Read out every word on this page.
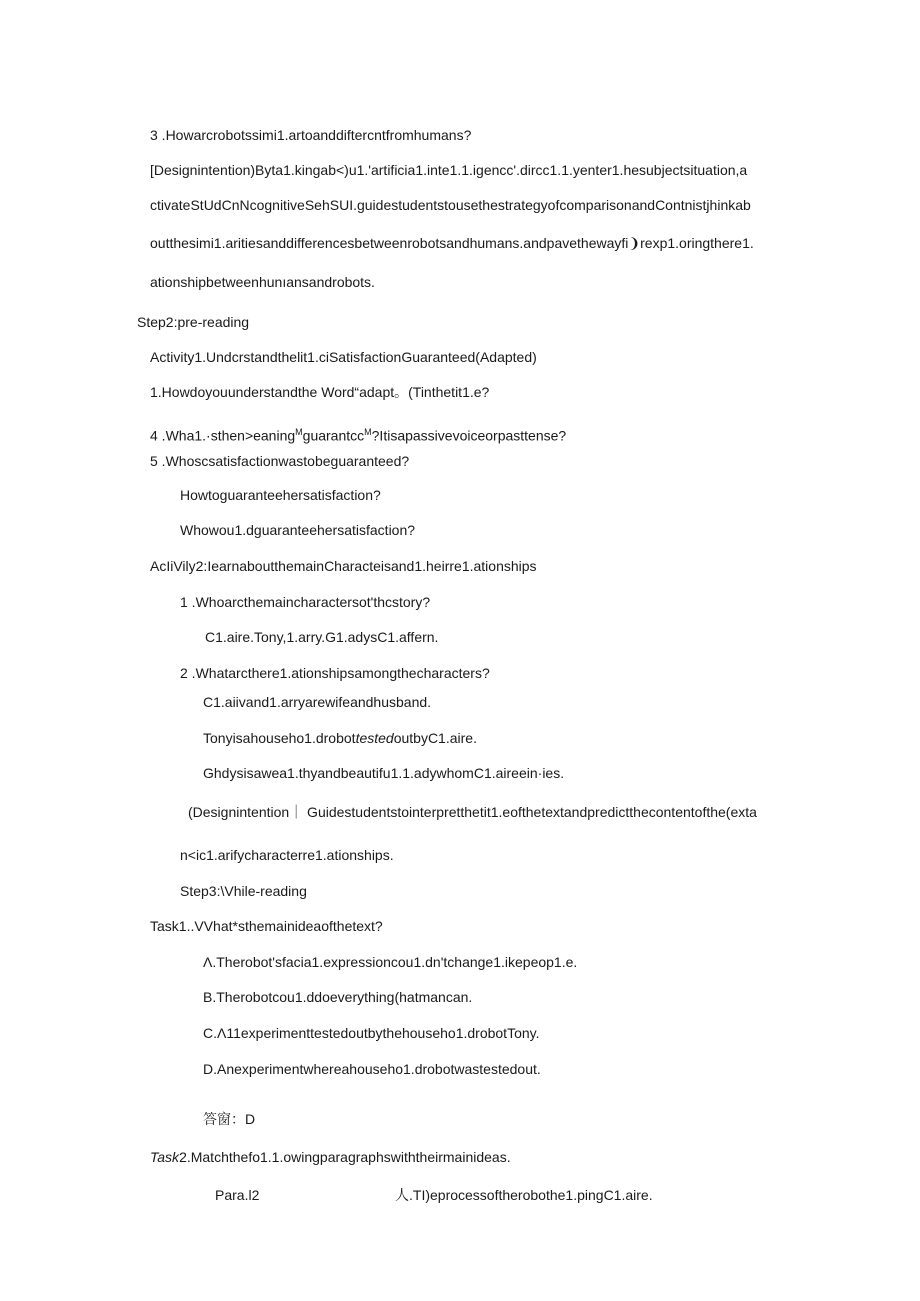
3 .Howarcrobotssimi1.artoanddiftercntfromhumans?
[Designintention)Byta1.kingab<)u1.'artificia1.inte1.1.igencc'.dircc1.1.yenter1.hesubjectsituation,a
ctivateStUdCnNcognitiveSehSUI.guidestudentstousethestrategyofcomparisonandContnistjhinkab
outthesimi1.aritiesanddifferencesbetweenrobotsandhumans.andpavethewayfi❩rexp1.oringthere1.
ationshipbetweenhunıansandrobots.
Step2:pre-reading
Activity1.Undcrstandthelit1.ciSatisfactionGuaranteed(Adapted)
1.Howdoyouunderstandthe Word“adapt。(Tinthetit1.e?
4 .Wha1.·sthen>eaning$^M$guarantcc$^M$?Itisapassivevoiceorpasttense?
5 .Whoscsatisfactionwastobeguaranteed?
Howtoguaranteehersatisfaction?
Whowou1.dguaranteehersatisfaction?
AcIiVily2:IearnaboutthemainCharacteisand1.heirre1.ationships
1 .Whoarcthemaincharactersot'thcstory?
C1.aire.Tony,1.arry.G1.adysC1.affern.
2 .Whatarcthere1.ationshipsamongthecharacters?
C1.aiivand1.arryarewifeandhusband.
Tonyisahouseho1.drobottestedoutbyC1.aire.
Ghdysisawea1.thyandbeautifu1.1.adywhomC1.aireein·ies.
(Designintention｜ Guidestudentstointerpretthetit1.eofthetextandpredictthecontentofthe(exta
n<ic1.arifycharacterre1.ationships.
Step3:\Vhile-reading
Task1..VVhat*sthemainideaofthetext?
Λ.Therobot'sfacia1.expressioncou1.dn'tchange1.ikepeop1.e.
B.Therobotcou1.ddoeverything(hatmancan.
C.Λ11experimenttestedoutbythehouseho1.drobotTony.
D.Anexperimentwhereahouseho1.drobotwastestedout.
答窗：D
Task2.Matchthefo1.1.owingparagraphswiththeirmainideas.
Para.l2	人.TI)eprocessoftherobothe1.pingC1.aire.
